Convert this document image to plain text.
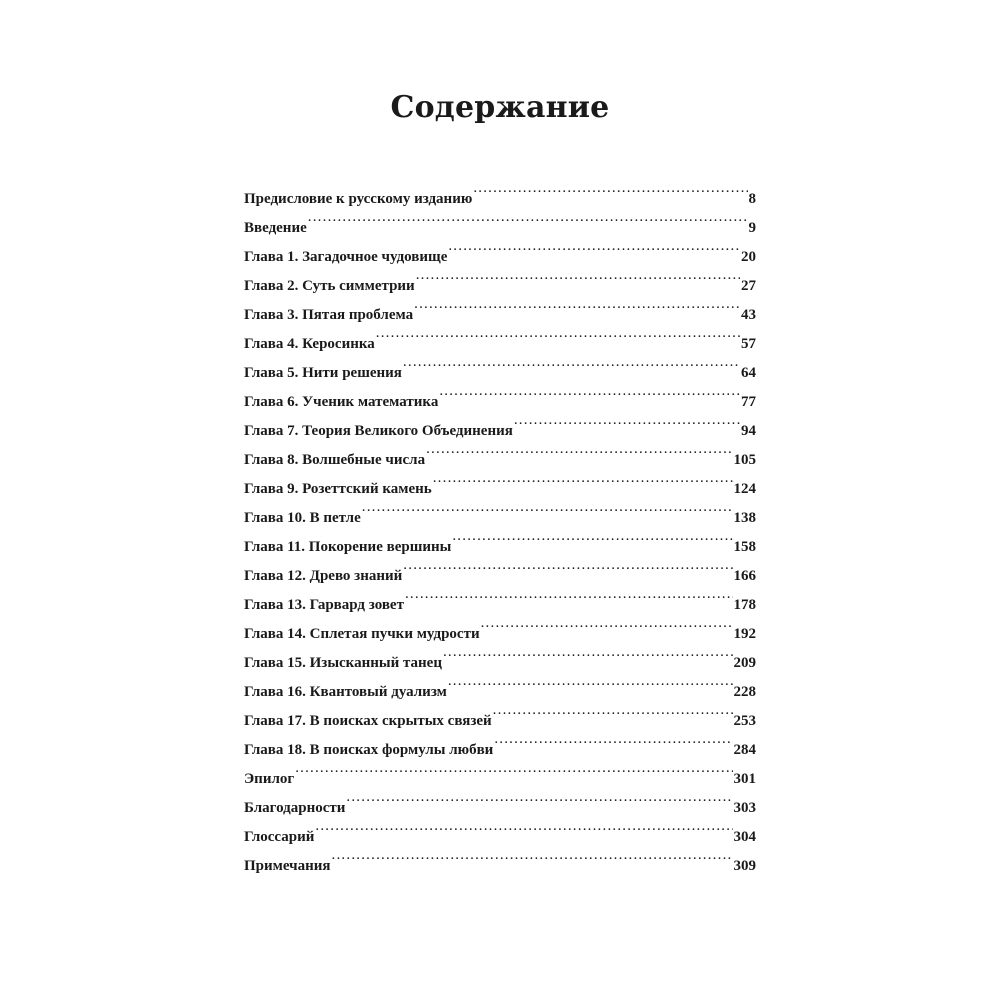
Содержание
Предисловие к русскому изданию .....	8
Введение .....	9
Глава 1. Загадочное чудовище .....	20
Глава 2. Суть симметрии .....	27
Глава 3. Пятая проблема .....	43
Глава 4. Керосинка .....	57
Глава 5. Нити решения .....	64
Глава 6. Ученик математика .....	77
Глава 7. Теория Великого Объединения .....	94
Глава 8. Волшебные числа .....	105
Глава 9. Розеттский камень .....	124
Глава 10. В петле .....	138
Глава 11. Покорение вершины .....	158
Глава 12. Древо знаний .....	166
Глава 13. Гарвард зовет .....	178
Глава 14. Сплетая пучки мудрости .....	192
Глава 15. Изысканный танец .....	209
Глава 16. Квантовый дуализм .....	228
Глава 17. В поисках скрытых связей .....	253
Глава 18. В поисках формулы любви .....	284
Эпилог .....	301
Благодарности .....	303
Глоссарий .....	304
Примечания .....	309
